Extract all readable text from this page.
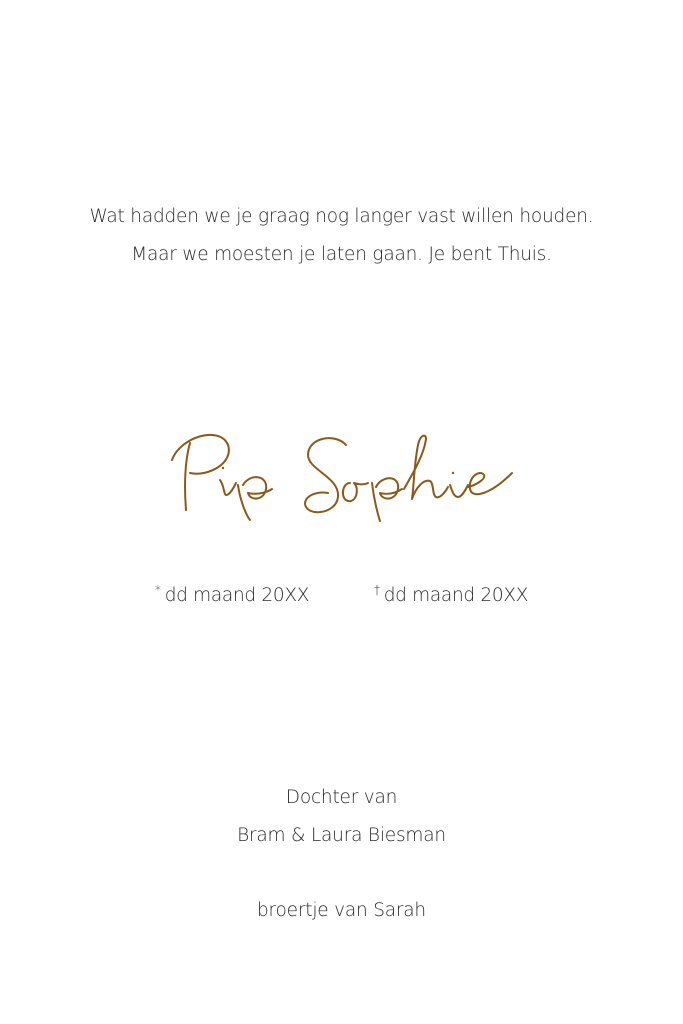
Wat hadden we je graag nog langer vast willen houden.
Maar we moesten je laten gaan. Je bent Thuis.
* dd maand 20XX	† dd maand 20XX
Dochter van
Bram & Laura Biesman
broertje van Sarah
